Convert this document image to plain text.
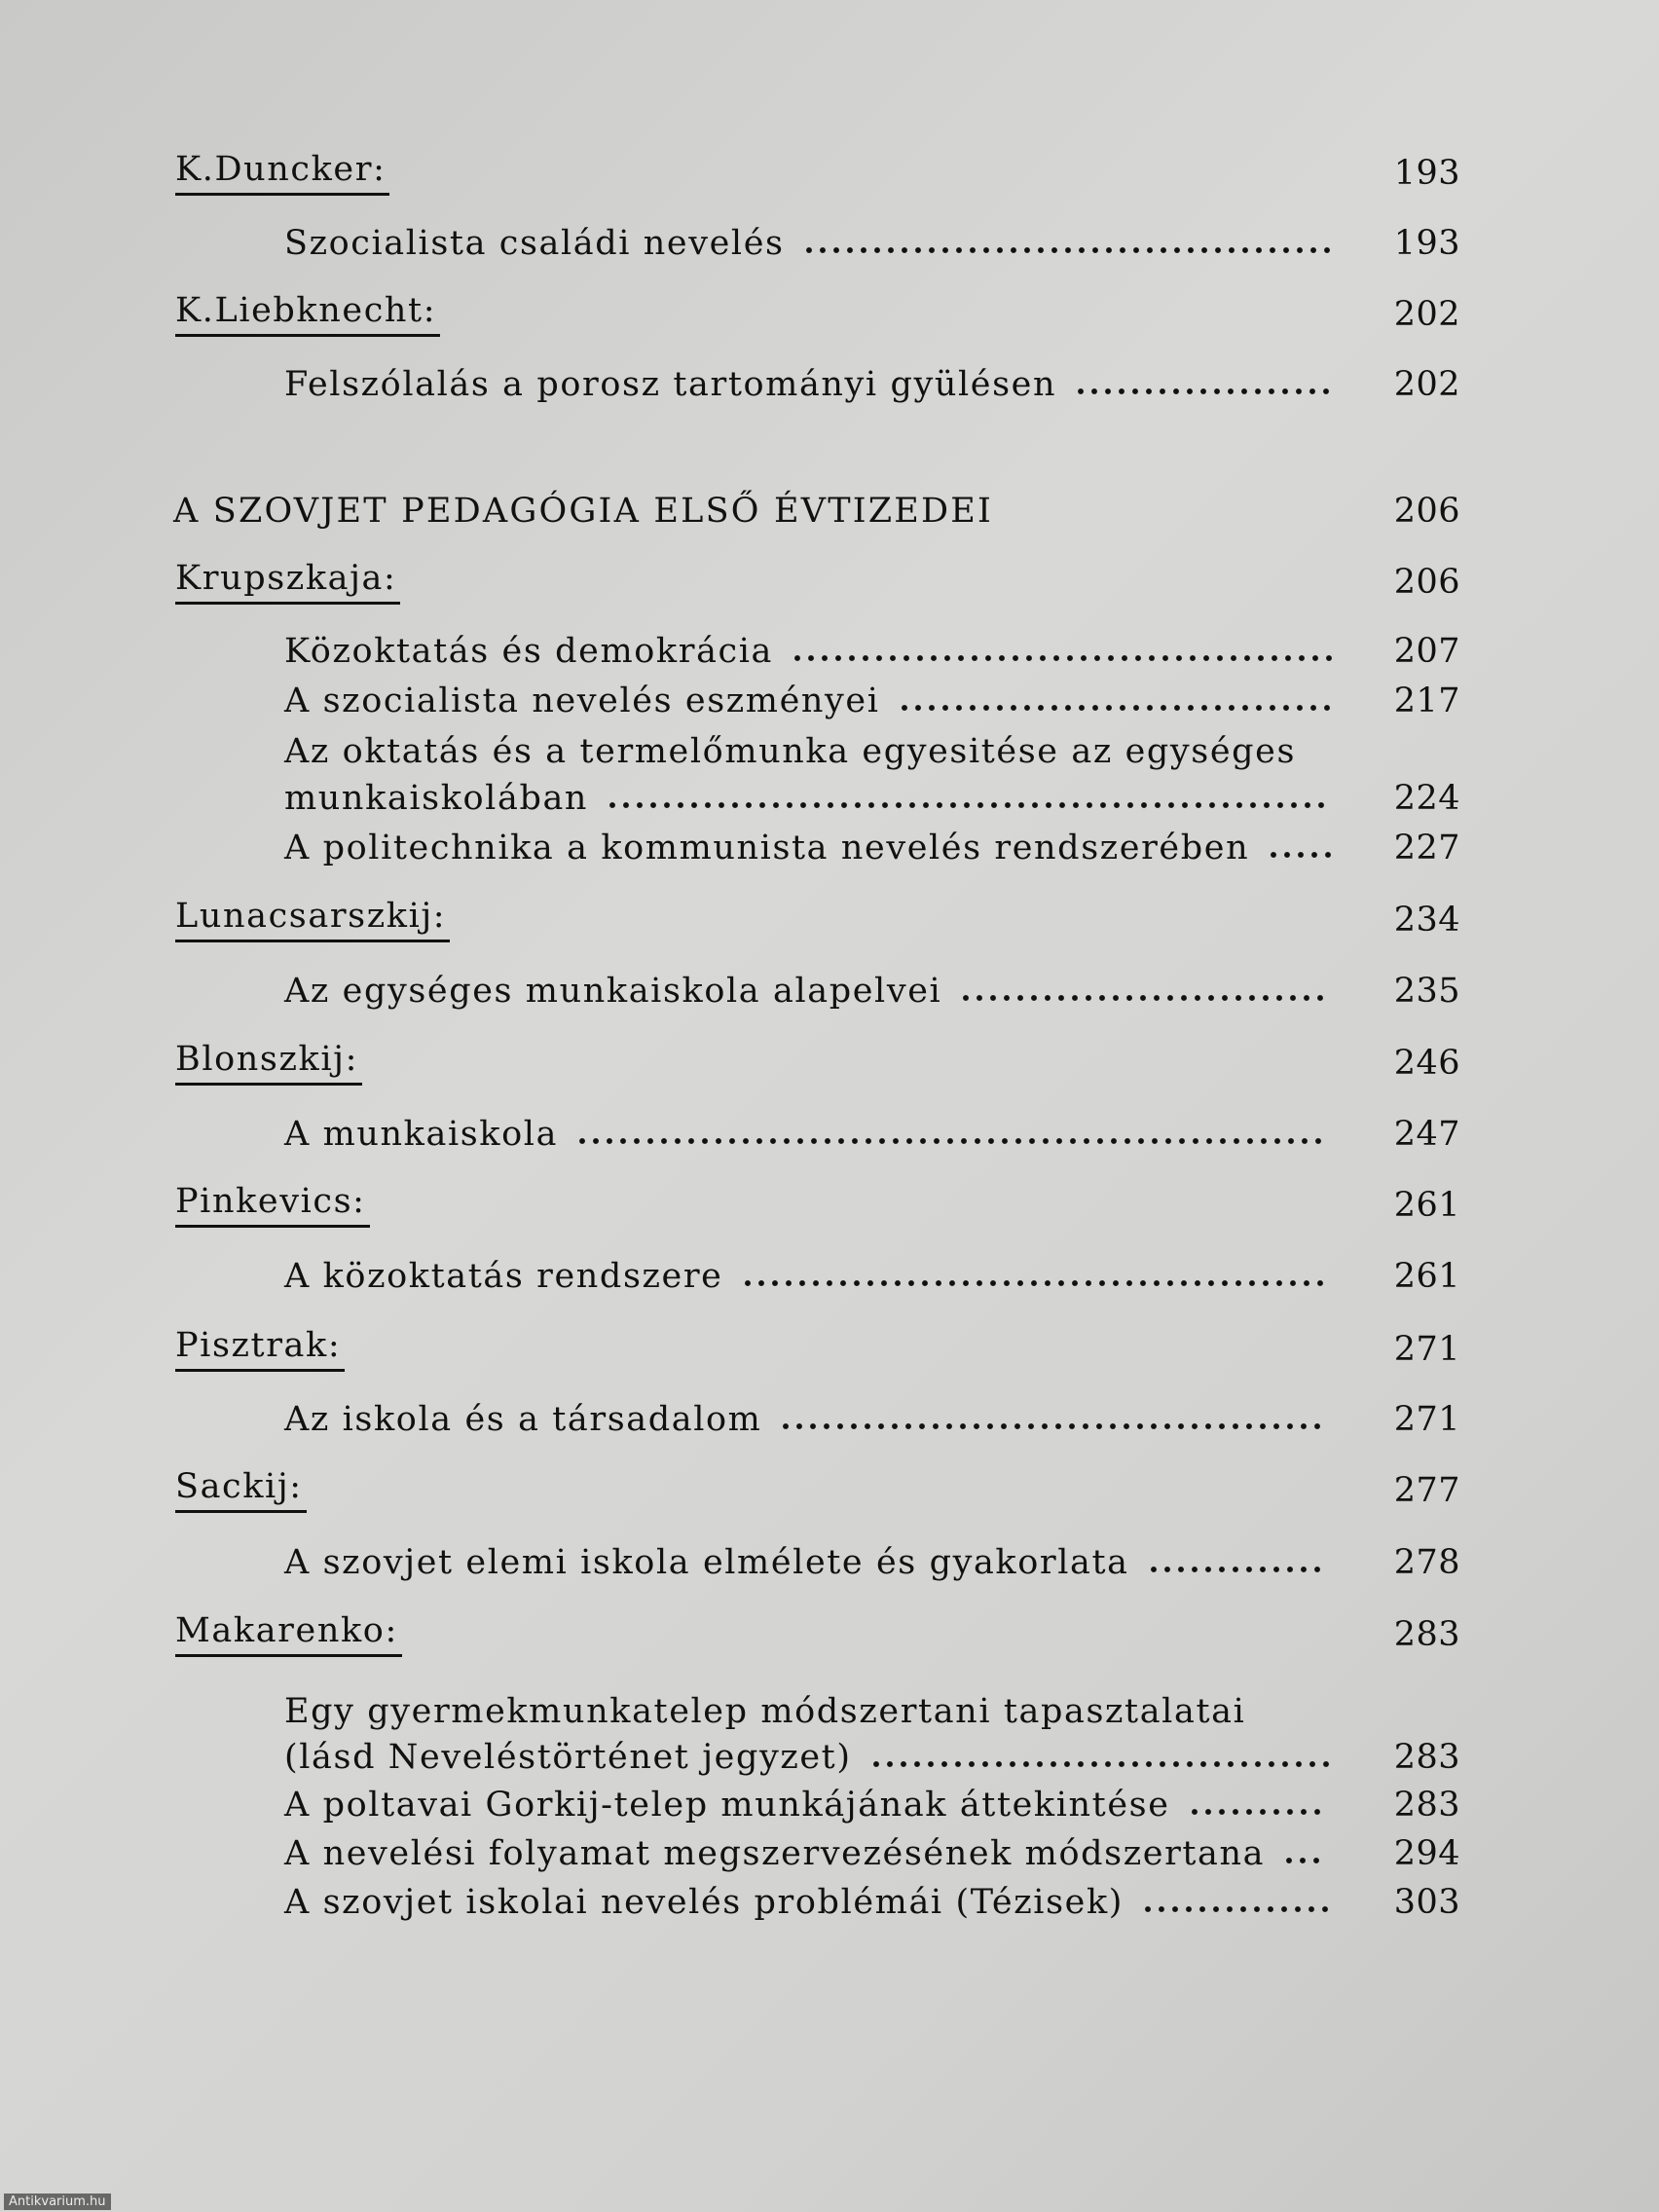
K.Duncker:	193
Szocialista családi nevelés	193
K.Liebknecht:	202
Felszólalás a porosz tartományi gyülésen	202
A SZOVJET PEDAGÓGIA ELSŐ ÉVTIZEDEI	206
Krupszkaja:	206
Közoktatás és demokrácia	207
A szocialista nevelés eszményei	217
Az oktatás és a termelőmunka egyesitése az egységes
munkaiskolában	224
A politechnika a kommunista nevelés rendszerében	227
Lunacsarszkij:	234
Az egységes munkaiskola alapelvei	235
Blonszkij:	246
A munkaiskola	247
Pinkevics:	261
A közoktatás rendszere	261
Pisztrak:	271
Az iskola és a társadalom	271
Sackij:	277
A szovjet elemi iskola elmélete és gyakorlata	278
Makarenko:	283
Egy gyermekmunkatelep módszertani tapasztalatai
(lásd Neveléstörténet jegyzet)	283
A poltavai Gorkij-telep munkájának áttekintése	283
A nevelési folyamat megszervezésének módszertana	294
A szovjet iskolai nevelés problémái (Tézisek)	303
Antikvarium.hu
